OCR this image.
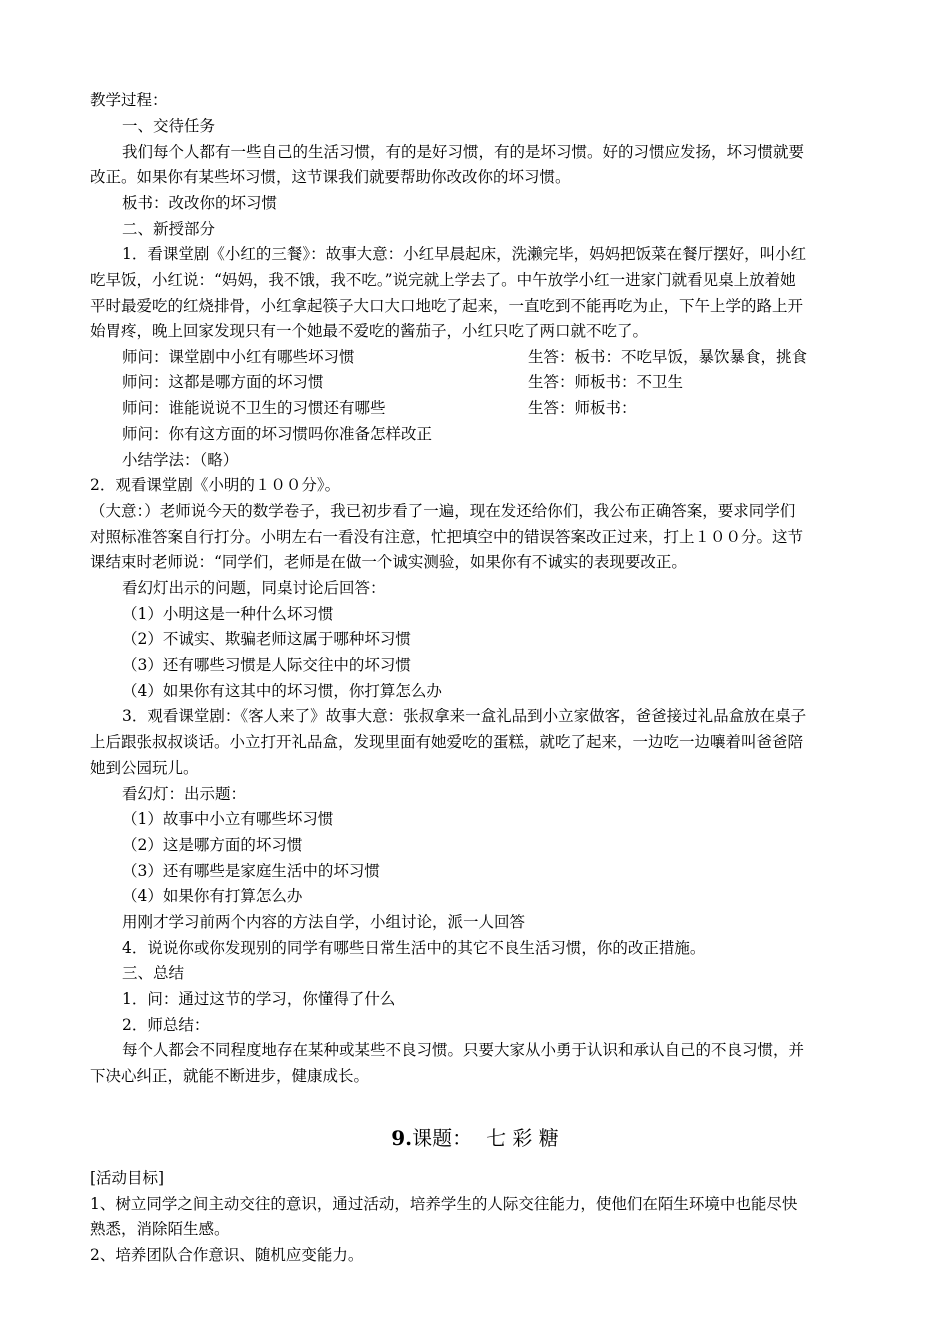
教学过程：
一、交待任务
我们每个人都有一些自己的生活习惯，有的是好习惯，有的是坏习惯。好的习惯应发扬，坏习惯就要
改正。如果你有某些坏习惯，这节课我们就要帮助你改改你的坏习惯。
板书：改改你的坏习惯
二、新授部分
1．看课堂剧《小红的三餐》：故事大意：小红早晨起床，洗濑完毕，妈妈把饭菜在餐厅摆好，叫小红
吃早饭，小红说：“妈妈，我不饿，我不吃。”说完就上学去了。中午放学小红一进家门就看见桌上放着她
平时最爱吃的红烧排骨，小红拿起筷子大口大口地吃了起来，一直吃到不能再吃为止，下午上学的路上开
始胃疼，晚上回家发现只有一个她最不爱吃的酱茄子，小红只吃了两口就不吃了。
师问：课堂剧中小红有哪些坏习惯	生答：板书：不吃早饭，暴饮暴食，挑食
师问：这都是哪方面的坏习惯	生答：师板书：不卫生
师问：谁能说说不卫生的习惯还有哪些	生答：师板书：
师问：你有这方面的坏习惯吗你准备怎样改正
小结学法：（略）
2．观看课堂剧《小明的１００分》。
（大意：）老师说今天的数学卷子，我已初步看了一遍，现在发还给你们，我公布正确答案，要求同学们
对照标准答案自行打分。小明左右一看没有注意，忙把填空中的错误答案改正过来，打上１００分。这节
课结束时老师说：“同学们，老师是在做一个诚实测验，如果你有不诚实的表现要改正。
看幻灯出示的问题，同桌讨论后回答：
（1）小明这是一种什么坏习惯
（2）不诚实、欺骗老师这属于哪种坏习惯
（3）还有哪些习惯是人际交往中的坏习惯
（4）如果你有这其中的坏习惯，你打算怎么办
3．观看课堂剧：《客人来了》故事大意：张叔拿来一盒礼品到小立家做客，爸爸接过礼品盒放在桌子
上后跟张叔叔谈话。小立打开礼品盒，发现里面有她爱吃的蛋糕，就吃了起来，一边吃一边嚷着叫爸爸陪
她到公园玩儿。
看幻灯：出示题：
（1）故事中小立有哪些坏习惯
（2）这是哪方面的坏习惯
（3）还有哪些是家庭生活中的坏习惯
（4）如果你有打算怎么办
用刚才学习前两个内容的方法自学，小组讨论，派一人回答
4．说说你或你发现别的同学有哪些日常生活中的其它不良生活习惯，你的改正措施。
三、总结
1．问：通过这节的学习，你懂得了什么
2．师总结：
每个人都会不同程度地存在某种或某些不良习惯。只要大家从小勇于认识和承认自己的不良习惯，并
下决心纠正，就能不断进步，健康成长。
[活动目标]
1、树立同学之间主动交往的意识，通过活动，培养学生的人际交往能力，使他们在陌生环境中也能尽快
熟悉，消除陌生感。
2、培养团队合作意识、随机应变能力。
9.课题： 七 彩 糖
